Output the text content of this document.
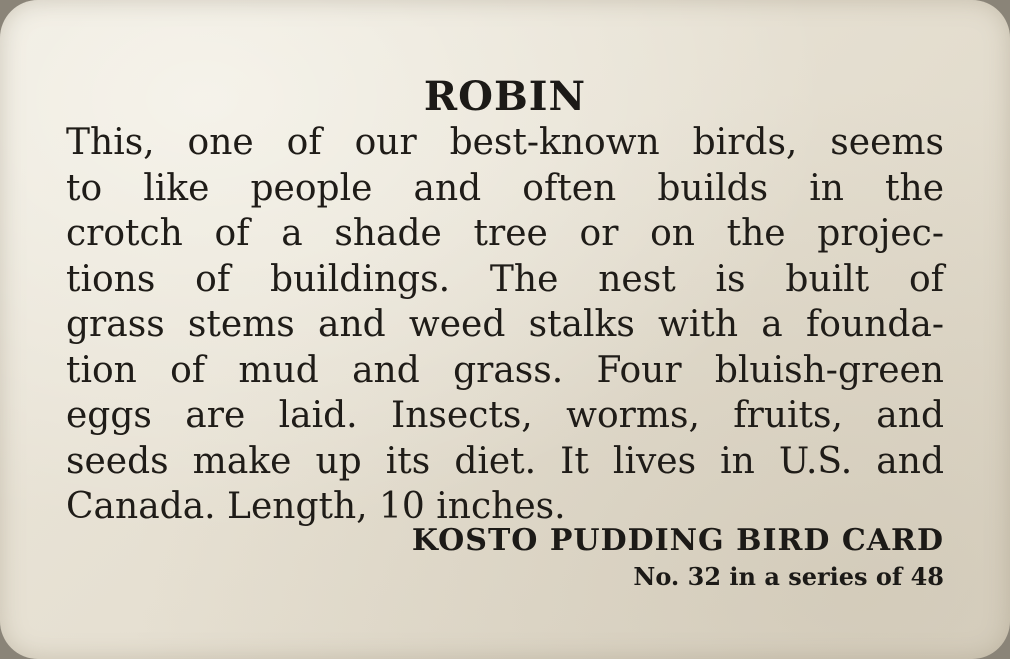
ROBIN
This, one of our best-known birds, seems
to like people and often builds in the
crotch of a shade tree or on the projec-
tions of buildings. The nest is built of
grass stems and weed stalks with a founda-
tion of mud and grass. Four bluish-green
eggs are laid. Insects, worms, fruits, and
seeds make up its diet. It lives in U.S. and
Canada. Length, 10 inches.
KOSTO PUDDING BIRD CARD
No. 32 in a series of 48
